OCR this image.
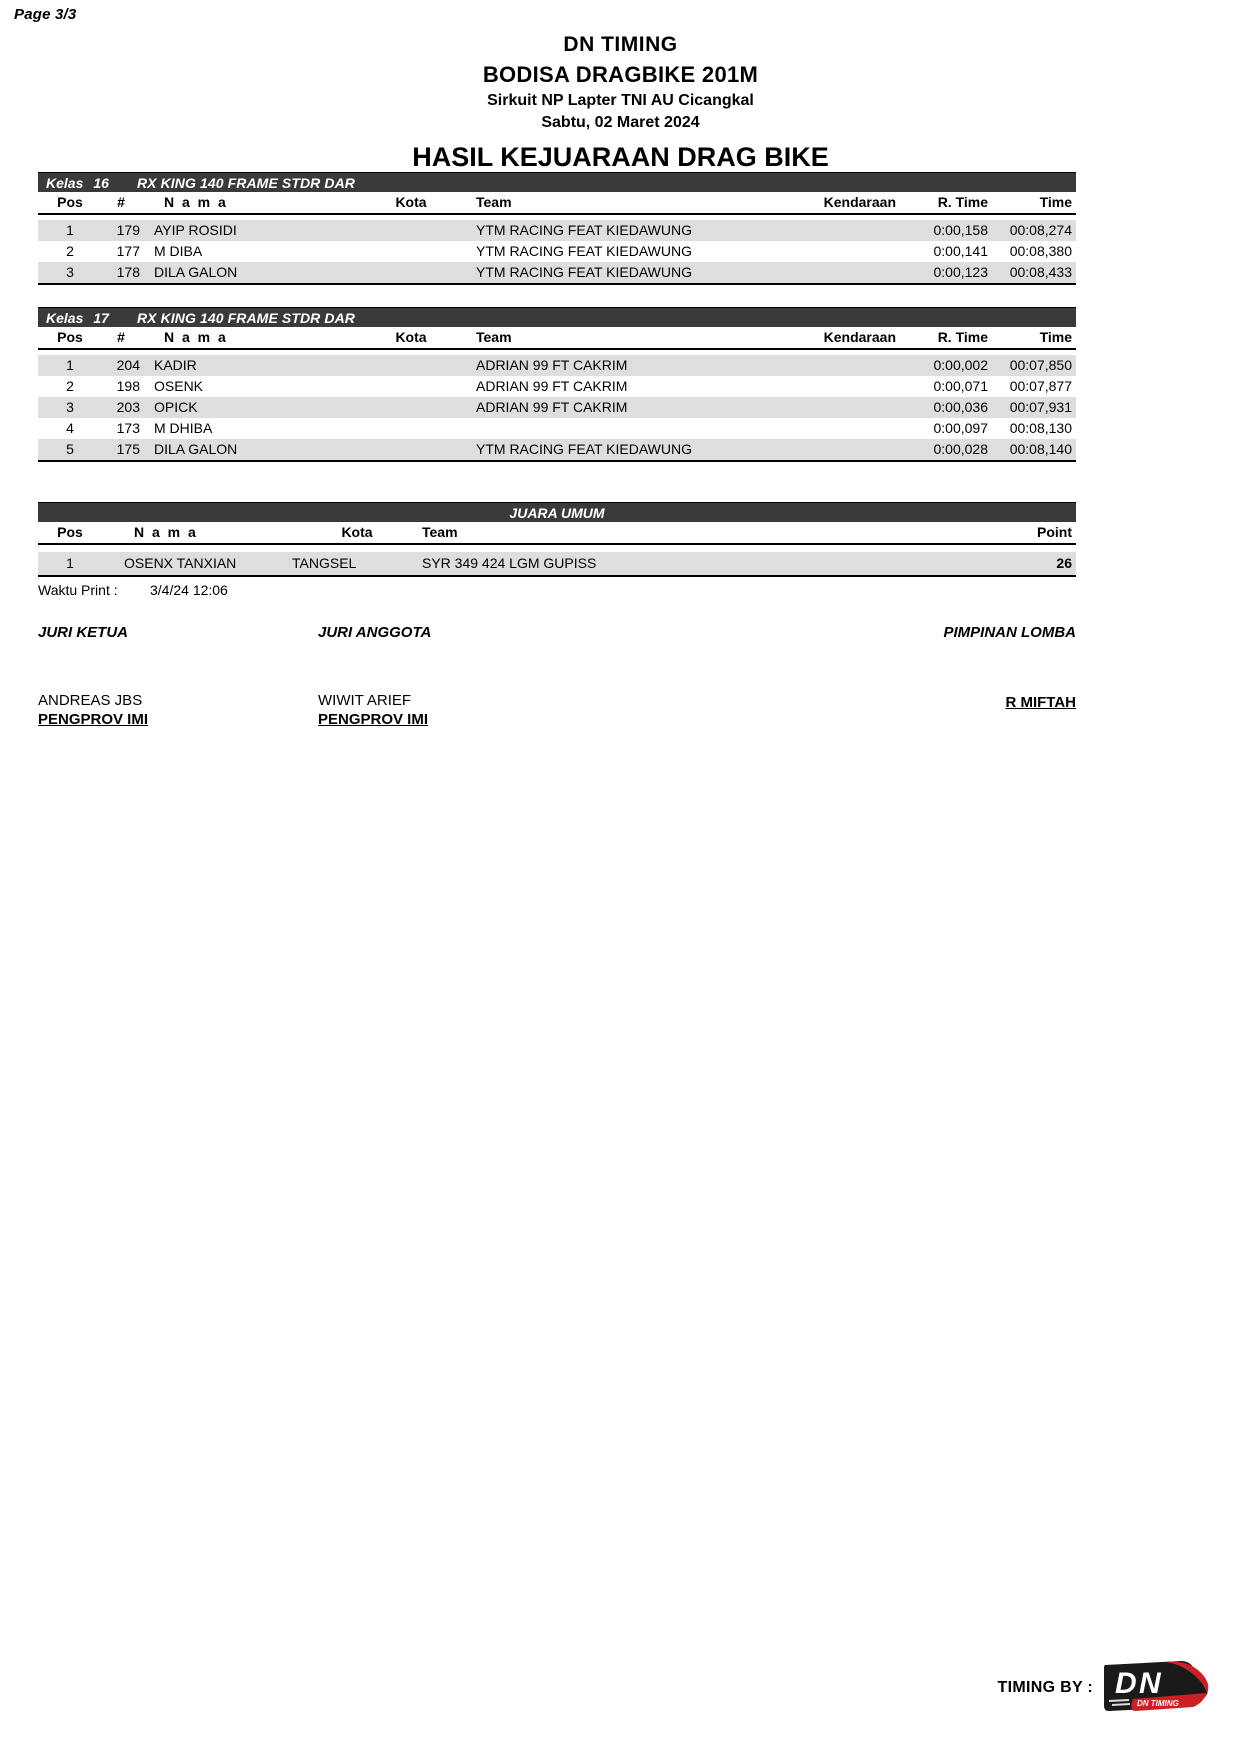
Page 3/3
DN TIMING
BODISA DRAGBIKE 201M
Sirkuit NP Lapter TNI AU Cicangkal
Sabtu, 02 Maret 2024
HASIL KEJUARAAN DRAG BIKE
Kelas 16 RX KING 140 FRAME STDR DAR
Pos	#	N a m a	Kota	Team	Kendaraan	R. Time	Time

1	179	AYIP ROSIDI		YTM RACING FEAT KIEDAWUNG		0:00,158	00:08,274
2	177	M DIBA		YTM RACING FEAT KIEDAWUNG		0:00,141	00:08,380
3	178	DILA GALON		YTM RACING FEAT KIEDAWUNG		0:00,123	00:08,433
Kelas 17 RX KING 140 FRAME STDR DAR
Pos	#	N a m a	Kota	Team	Kendaraan	R. Time	Time

1	204	KADIR		ADRIAN 99 FT CAKRIM		0:00,002	00:07,850
2	198	OSENK		ADRIAN 99 FT CAKRIM		0:00,071	00:07,877
3	203	OPICK		ADRIAN 99 FT CAKRIM		0:00,036	00:07,931
4	173	M DHIBA				0:00,097	00:08,130
5	175	DILA GALON		YTM RACING FEAT KIEDAWUNG		0:00,028	00:08,140
JUARA UMUM
Pos	N a m a	Kota	Team	Point

1	OSENX TANXIAN	TANGSEL	SYR 349 424 LGM GUPISS	26
Waktu Print :	3/4/24 12:06
JURI KETUA	JURI ANGGOTA	PIMPINAN LOMBA
ANDREAS JBS
PENGPROV IMI
WIWIT ARIEF
PENGPROV IMI
R MIFTAH
TIMING BY : D N
DN TIMING
